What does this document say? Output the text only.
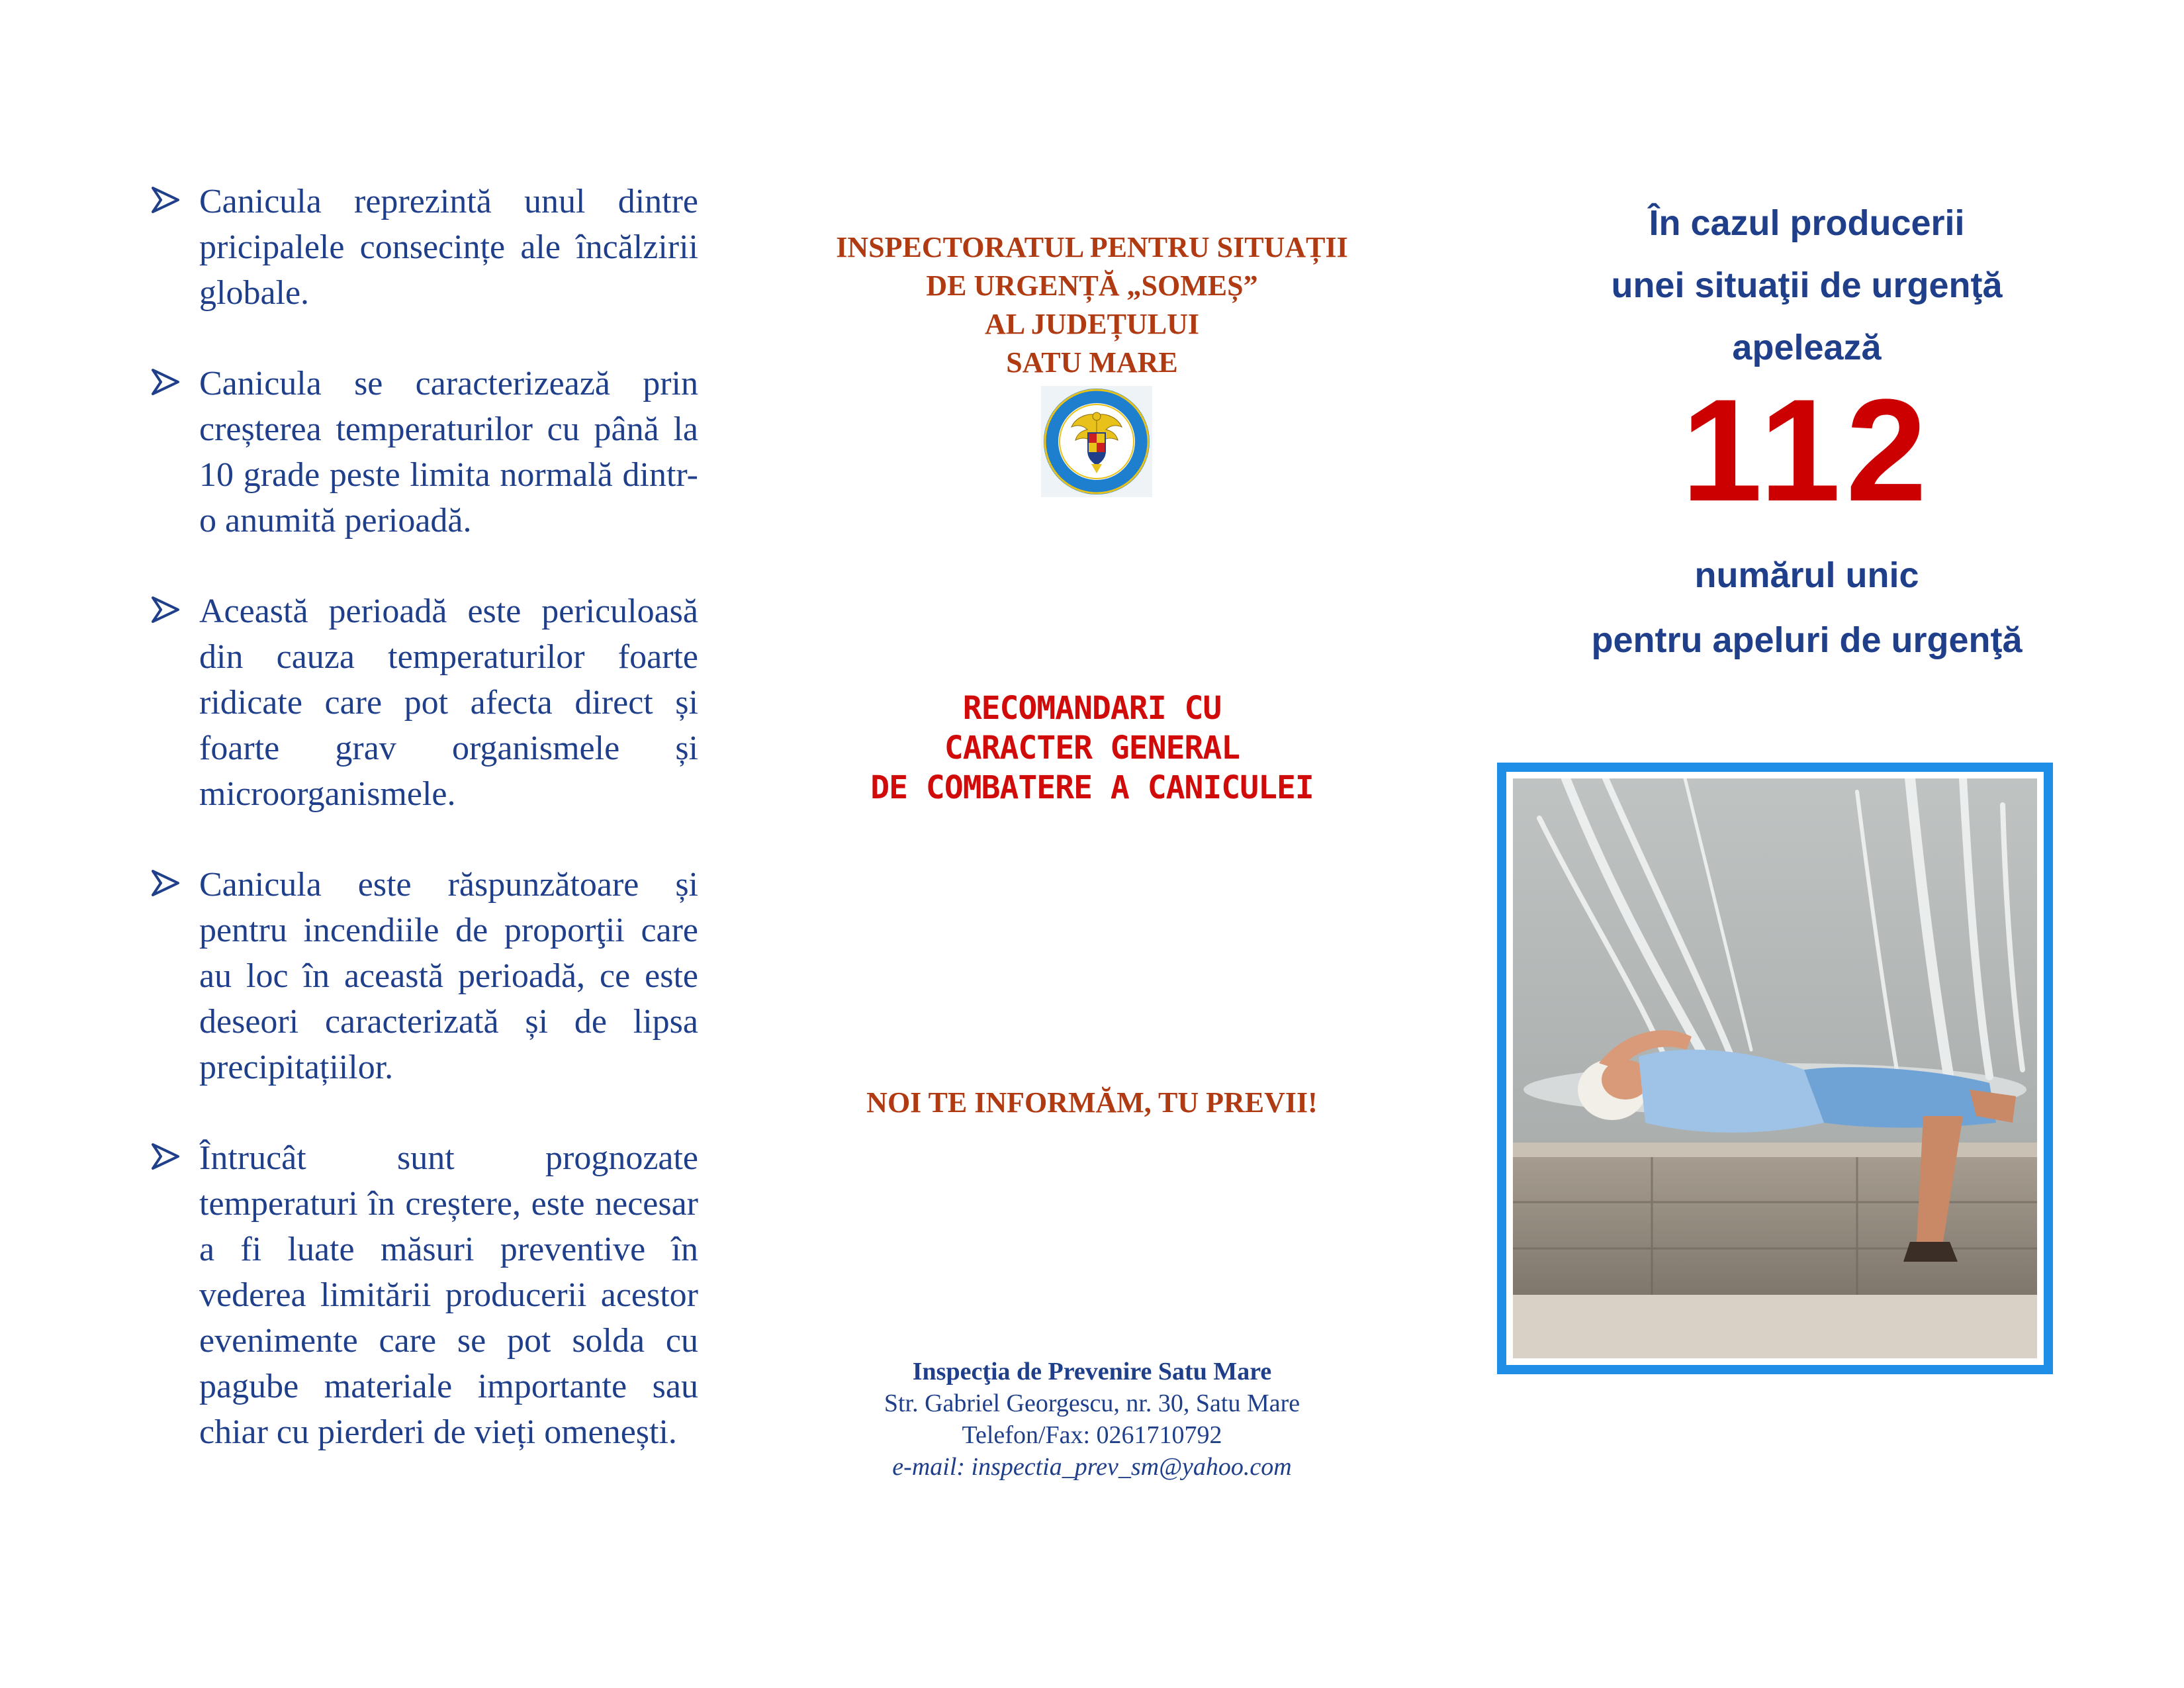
Canicula reprezintă unul dintre pricipalele consecințe ale încălzirii globale.

Canicula se caracterizează prin creșterea temperaturilor cu până la 10 grade peste limita normală dintr-o anumită perioadă.

Această perioadă este periculoasă din cauza temperaturilor foarte ridicate care pot afecta direct și foarte grav organismele și microorganismele.

Canicula este răspunzătoare și pentru incendiile de proporţii care au loc în această perioadă, ce este deseori caracterizată și de lipsa precipitațiilor.

Întrucât sunt prognozate temperaturi în creștere, este necesar a fi luate măsuri preventive în vederea limitării producerii acestor evenimente care se pot solda cu pagube materiale importante sau chiar cu pierderi de vieți omenești.

INSPECTORATUL PENTRU SITUAȚII
DE URGENȚĂ „SOMEȘ”
AL JUDEȚULUI
SATU MARE
RECOMANDARI CU
CARACTER GENERAL
DE COMBATERE A CANICULEI
NOI TE INFORMĂM, TU PREVII!
Inspecţia de Prevenire Satu Mare
Str. Gabriel Georgescu, nr. 30, Satu Mare
Telefon/Fax: 0261710792
e-mail: inspectia_prev_sm@yahoo.com
În cazul producerii
unei situaţii de urgenţă
apelează
112
numărul unic
pentru apeluri de urgenţă
